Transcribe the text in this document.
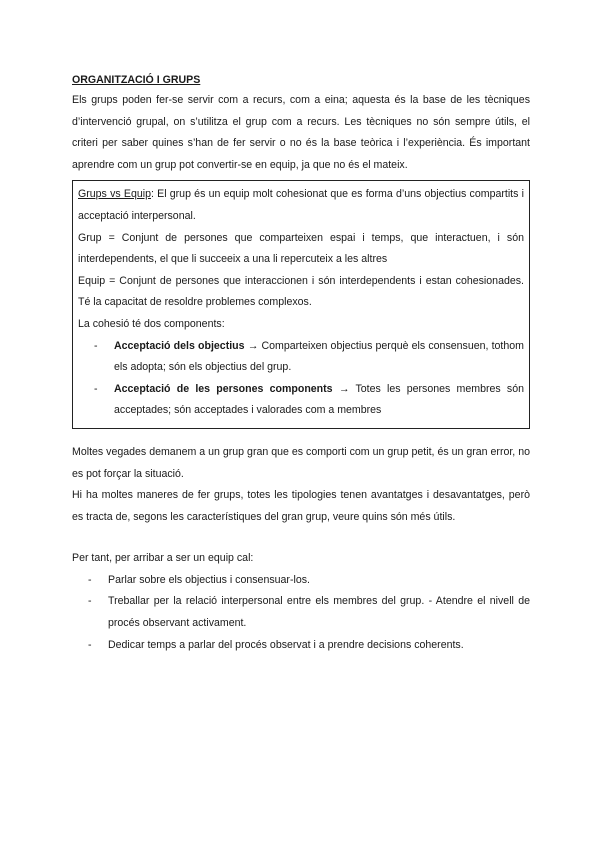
ORGANITZACIÓ I GRUPS

Els grups poden fer-se servir com a recurs, com a eina; aquesta és la base de les tècniques d’intervenció grupal, on s’utilitza el grup com a recurs. Les tècniques no són sempre útils, el criteri per saber quines s’han de fer servir o no és la base teòrica i l’experiència. És important aprendre com un grup pot convertir-se en equip, ja que no és el mateix.

Grups vs Equip: El grup és un equip molt cohesionat que es forma d’uns objectius compartits i acceptació interpersonal.

Grup = Conjunt de persones que comparteixen espai i temps, que interactuen, i són interdependents, el que li succeeix a una li repercuteix a les altres

Equip = Conjunt de persones que interaccionen i són interdependents i estan cohesionades. Té la capacitat de resoldre problemes complexos.

La cohesió té dos components:

- Acceptació dels objectius → Comparteixen objectius perquè els consensuen, tothom els adopta; són els objectius del grup.
- Acceptació de les persones components → Totes les persones membres són acceptades; són acceptades i valorades com a membres

Moltes vegades demanem a un grup gran que es comporti com un grup petit, és un gran error, no es pot forçar la situació.

Hi ha moltes maneres de fer grups, totes les tipologies tenen avantatges i desavantatges, però es tracta de, segons les característiques del gran grup, veure quins són més útils.

Per tant, per arribar a ser un equip cal:

- Parlar sobre els objectius i consensuar-los.
- Treballar per la relació interpersonal entre els membres del grup. - Atendre el nivell de procés observant activament.
- Dedicar temps a parlar del procés observat i a prendre decisions coherents.
